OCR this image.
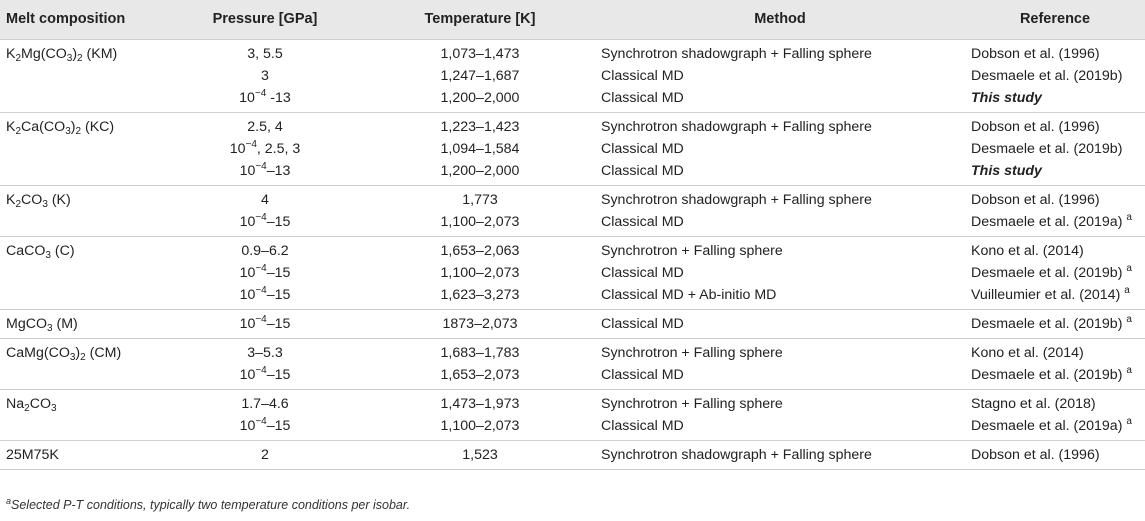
Melt composition	Pressure [GPa]	Temperature [K]	Method	Reference
$K_2Mg(CO_3)_2$ (KM)	3, 5.5	1,073–1,473	Synchrotron shadowgraph + Falling sphere	Dobson et al. (1996)
	3	1,247–1,687	Classical MD	Desmaele et al. (2019b)
	$10^{-4}$ -13	1,200–2,000	Classical MD	This study
$K_2Ca(CO_3)_2$ (KC)	2.5, 4	1,223–1,423	Synchrotron shadowgraph + Falling sphere	Dobson et al. (1996)
	$10^{-4}$, 2.5, 3	1,094–1,584	Classical MD	Desmaele et al. (2019b)
	$10^{-4}-13$	1,200–2,000	Classical MD	This study
$K_2CO_3$ (K)	4	1,773	Synchrotron shadowgraph + Falling sphere	Dobson et al. (1996)
	$10^{-4}-15$	1,100–2,073	Classical MD	Desmaele et al. (2019a) $^a$
CaCO$_3$ (C)	0.9–6.2	1,653–2,063	Synchrotron + Falling sphere	Kono et al. (2014)
	$10^{-4}-15$	1,100–2,073	Classical MD	Desmaele et al. (2019b) $^a$
	$10^{-4}-15$	1,623–3,273	Classical MD + Ab-initio MD	Vuilleumier et al. (2014) $^a$
MgCO$_3$ (M)	$10^{-4}-15$	1873–2,073	Classical MD	Desmaele et al. (2019b) $^a$
$CaMg(CO_3)_2$ (CM)	3–5.3	1,683–1,783	Synchrotron + Falling sphere	Kono et al. (2014)
	$10^{-4}-15$	1,653–2,073	Classical MD	Desmaele et al. (2019b) $^a$
$Na_2CO_3$	1.7–4.6	1,473–1,973	Synchrotron + Falling sphere	Stagno et al. (2018)
	$10^{-4}-15$	1,100–2,073	Classical MD	Desmaele et al. (2019a) $^a$
25M75K	2	1,523	Synchrotron shadowgraph + Falling sphere	Dobson et al. (1996)
$^a$Selected P-T conditions, typically two temperature conditions per isobar.
